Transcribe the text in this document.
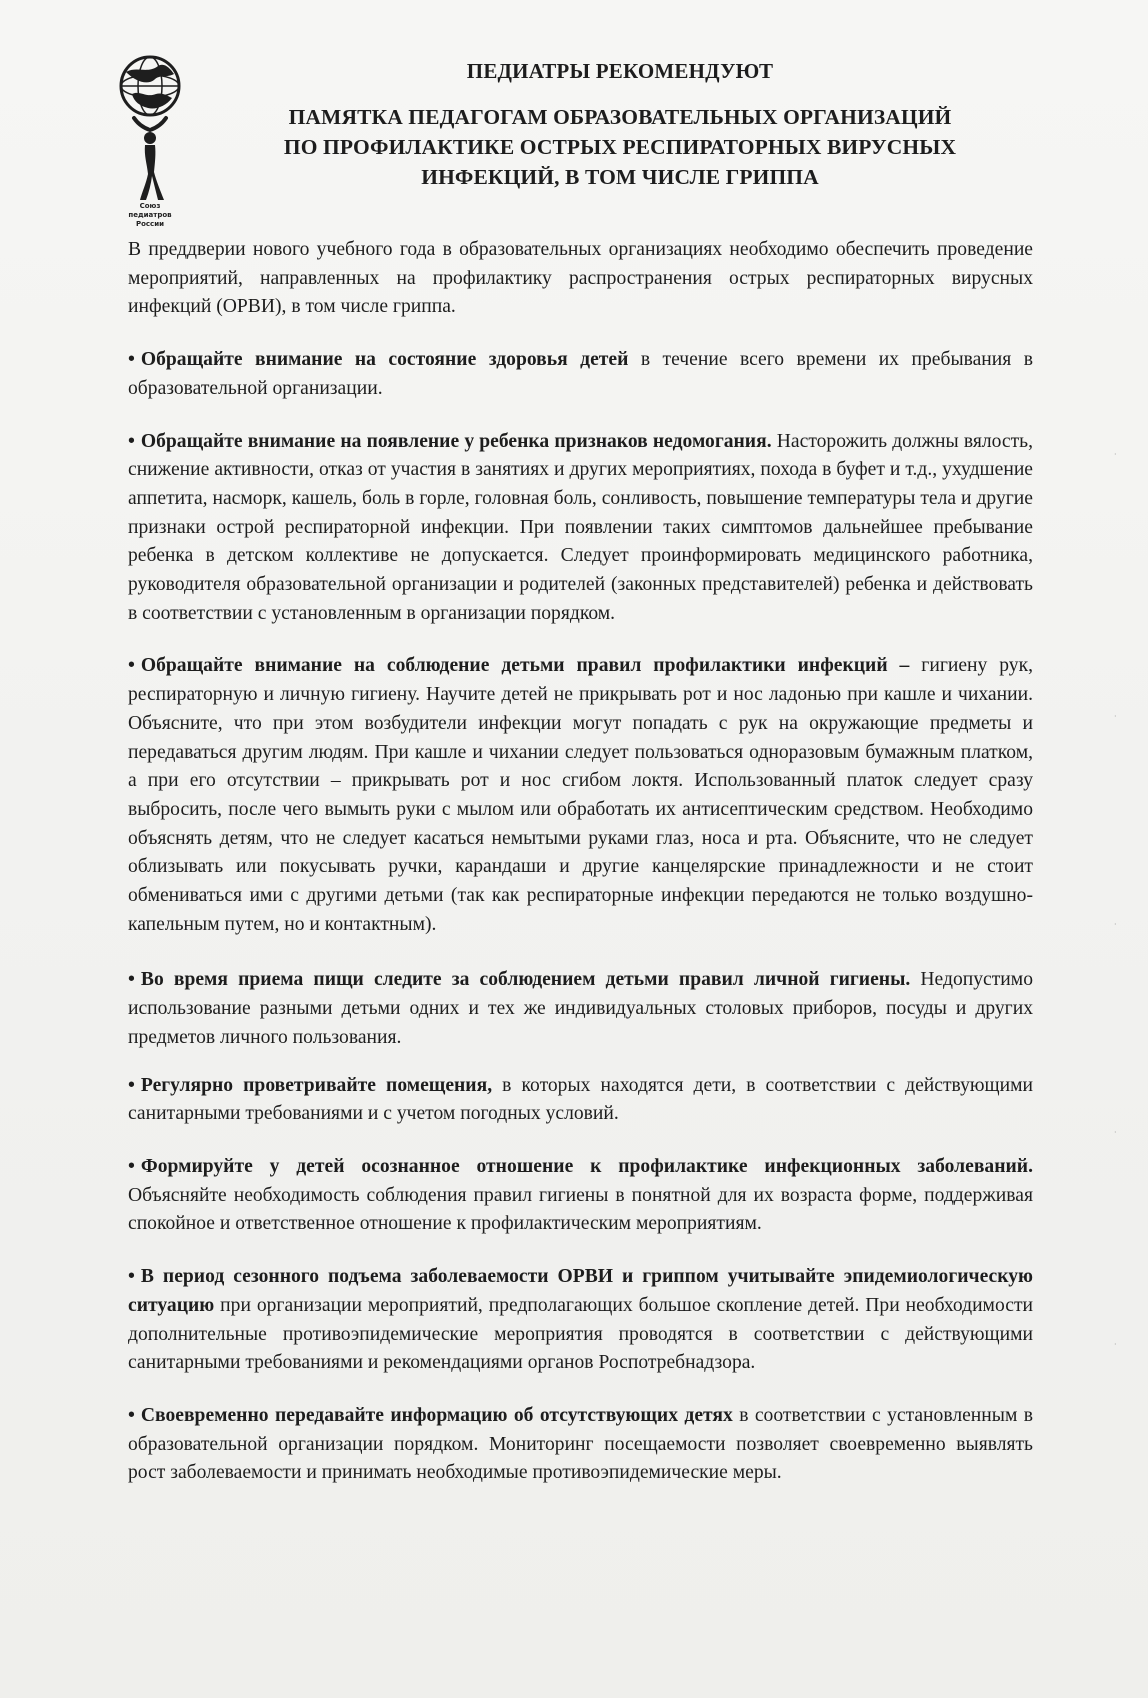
Союз
педиатров
России
ПЕДИАТРЫ РЕКОМЕНДУЮТ
ПАМЯТКА ПЕДАГОГАМ ОБРАЗОВАТЕЛЬНЫХ ОРГАНИЗАЦИЙ
ПО ПРОФИЛАКТИКЕ ОСТРЫХ РЕСПИРАТОРНЫХ ВИРУСНЫХ
ИНФЕКЦИЙ, В ТОМ ЧИСЛЕ ГРИППА

В преддверии нового учебного года в образовательных организациях необходимо обеспечить проведение мероприятий, направленных на профилактику распространения острых респираторных вирусных инфекций (ОРВИ), в том числе гриппа.

• Обращайте внимание на состояние здоровья детей в течение всего времени их пребывания в образовательной организации.

• Обращайте внимание на появление у ребенка признаков недомогания. Насторожить должны вялость, снижение активности, отказ от участия в занятиях и других мероприятиях, похода в буфет и т.д., ухудшение аппетита, насморк, кашель, боль в горле, головная боль, сонливость, повышение температуры тела и другие признаки острой респираторной инфекции. При появлении таких симптомов дальнейшее пребывание ребенка в детском коллективе не допускается. Следует проинформировать медицинского работника, руководителя образовательной организации и родителей (законных представителей) ребенка и действовать в соответствии с установленным в организации порядком.

• Обращайте внимание на соблюдение детьми правил профилактики инфекций – гигиену рук, респираторную и личную гигиену. Научите детей не прикрывать рот и нос ладонью при кашле и чихании. Объясните, что при этом возбудители инфекции могут попадать с рук на окружающие предметы и передаваться другим людям. При кашле и чихании следует пользоваться одноразовым бумажным платком, а при его отсутствии – прикрывать рот и нос сгибом локтя. Использованный платок следует сразу выбросить, после чего вымыть руки с мылом или обработать их антисептическим средством. Необходимо объяснять детям, что не следует касаться немытыми руками глаз, носа и рта. Объясните, что не следует облизывать или покусывать ручки, карандаши и другие канцелярские принадлежности и не стоит обмениваться ими с другими детьми (так как респираторные инфекции передаются не только воздушно-капельным путем, но и контактным).

• Во время приема пищи следите за соблюдением детьми правил личной гигиены. Недопустимо использование разными детьми одних и тех же индивидуальных столовых приборов, посуды и других предметов личного пользования.

• Регулярно проветривайте помещения, в которых находятся дети, в соответствии с действующими санитарными требованиями и с учетом погодных условий.

• Формируйте у детей осознанное отношение к профилактике инфекционных заболеваний. Объясняйте необходимость соблюдения правил гигиены в понятной для их возраста форме, поддерживая спокойное и ответственное отношение к профилактическим мероприятиям.

• В период сезонного подъема заболеваемости ОРВИ и гриппом учитывайте эпидемиологическую ситуацию при организации мероприятий, предполагающих большое скопление детей. При необходимости дополнительные противоэпидемические мероприятия проводятся в соответствии с действующими санитарными требованиями и рекомендациями органов Роспотребнадзора.

• Своевременно передавайте информацию об отсутствующих детях в соответствии с установленным в образовательной организации порядком. Мониторинг посещаемости позволяет своевременно выявлять рост заболеваемости и принимать необходимые противоэпидемические меры.

·
·
·
·
·
